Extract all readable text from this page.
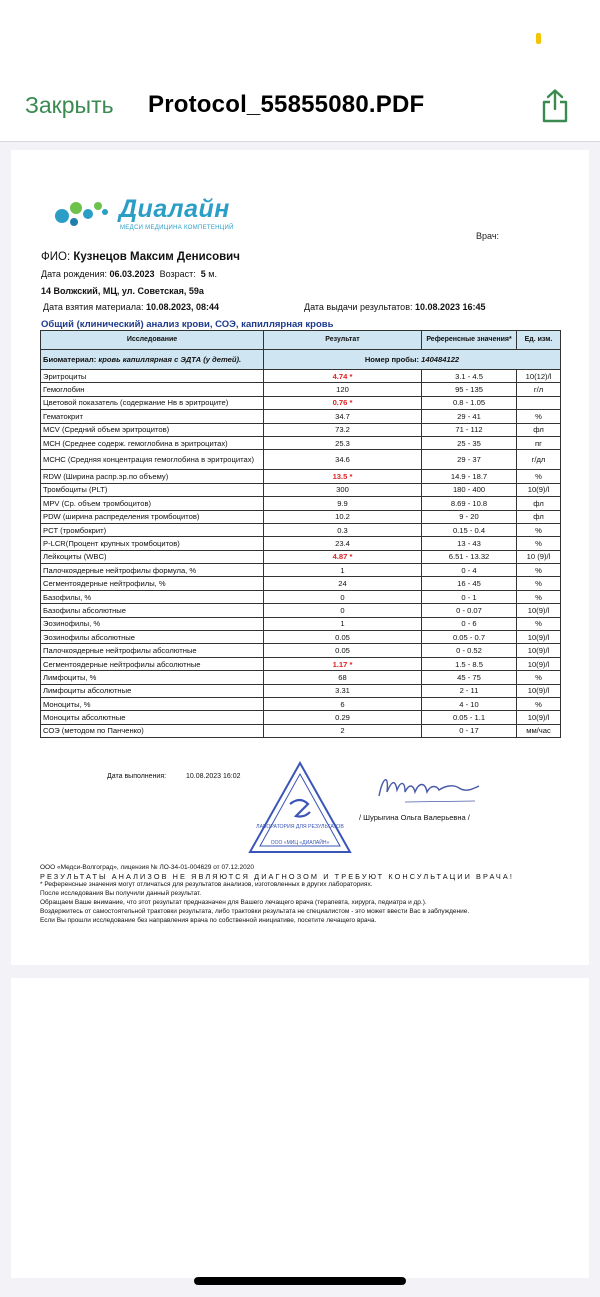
Закрыть Protocol_55855080.PDF
Диалайн
МЕДСИ МЕДИЦИНА КОМПЕТЕНЦИЙ
Врач:
ФИО: Кузнецов Максим Денисович
Дата рождения: 06.03.2023 Возраст: 5 м.
14 Волжский, МЦ, ул. Советская, 59а
Дата взятия материала: 10.08.2023, 08:44	Дата выдачи результатов: 10.08.2023 16:45
Общий (клинический) анализ крови, СОЭ, капиллярная кровь
Исследование	Результат	Референсные значения*	Ед. изм.
Биоматериал: кровь капиллярная с ЭДТА (у детей).	Номер пробы: 140484122		
Эритроциты	4.74 *	3.1 - 4.5	10(12)/l
Гемоглобин	120	95 - 135	г/л
Цветовой показатель (содержание Нв в эритроците)	0.76 *	0.8 - 1.05	
Гематокрит	34.7	29 - 41	%
MCV (Средний объем эритроцитов)	73.2	71 - 112	фл
MCH (Среднее содерж. гемоглобина в эритроцитах)	25.3	25 - 35	пг
MCHC (Средняя концентрация гемоглобина в эритроцитах)	34.6	29 - 37	г/дл
RDW (Ширина распр.эр.по объему)	13.5 *	14.9 - 18.7	%
Тромбоциты (PLT)	300	180 - 400	10(9)/l
MPV (Ср. объем тромбоцитов)	9.9	8.69 - 10.8	фл
PDW (ширина распределения тромбоцитов)	10.2	9 - 20	фл
PCT (тромбокрит)	0.3	0.15 - 0.4	%
P-LCR(Процент крупных тромбоцитов)	23.4	13 - 43	%
Лейкоциты (WBC)	4.87 *	6.51 - 13.32	10 (9)/l
Палочкоядерные нейтрофилы формула, %	1	0 - 4	%
Сегментоядерные нейтрофилы, %	24	16 - 45	%
Базофилы, %	0	0 - 1	%
Базофилы абсолютные	0	0 - 0.07	10(9)/l
Эозинофилы, %	1	0 - 6	%
Эозинофилы абсолютные	0.05	0.05 - 0.7	10(9)/l
Палочкоядерные нейтрофилы абсолютные	0.05	0 - 0.52	10(9)/l
Сегментоядерные нейтрофилы абсолютные	1.17 *	1.5 - 8.5	10(9)/l
Лимфоциты, %	68	45 - 75	%
Лимфоциты абсолютные	3.31	2 - 11	10(9)/l
Моноциты, %	6	4 - 10	%
Моноциты абсолютные	0.29	0.05 - 1.1	10(9)/l
СОЭ (методом по Панченко)	2	0 - 17	мм/час
Дата выполнения:	10.08.2023 16:02
ЛАБОРАТОРИЯ ДЛЯ РЕЗУЛЬТАТОВ
ООО «МИЦ «ДИАЛАЙН»
/ Шурыгина Ольга Валерьевна /
ООО «Медси-Волгоград», лицензия № ЛО-34-01-004629 от 07.12.2020
РЕЗУЛЬТАТЫ АНАЛИЗОВ НЕ ЯВЛЯЮТСЯ ДИАГНОЗОМ И ТРЕБУЮТ КОНСУЛЬТАЦИИ ВРАЧА!
* Референсные значения могут отличаться для результатов анализов, изготовленных в других лабораториях.
После исследования Вы получили данный результат.
Обращаем Ваше внимание, что этот результат предназначен для Вашего лечащего врача (терапевта, хирурга, педиатра и др.).
Воздержитесь от самостоятельной трактовки результата, либо трактовки результата не специалистом - это может ввести Вас в заблуждение.
Если Вы прошли исследование без направления врача по собственной инициативе, посетите лечащего врача.
